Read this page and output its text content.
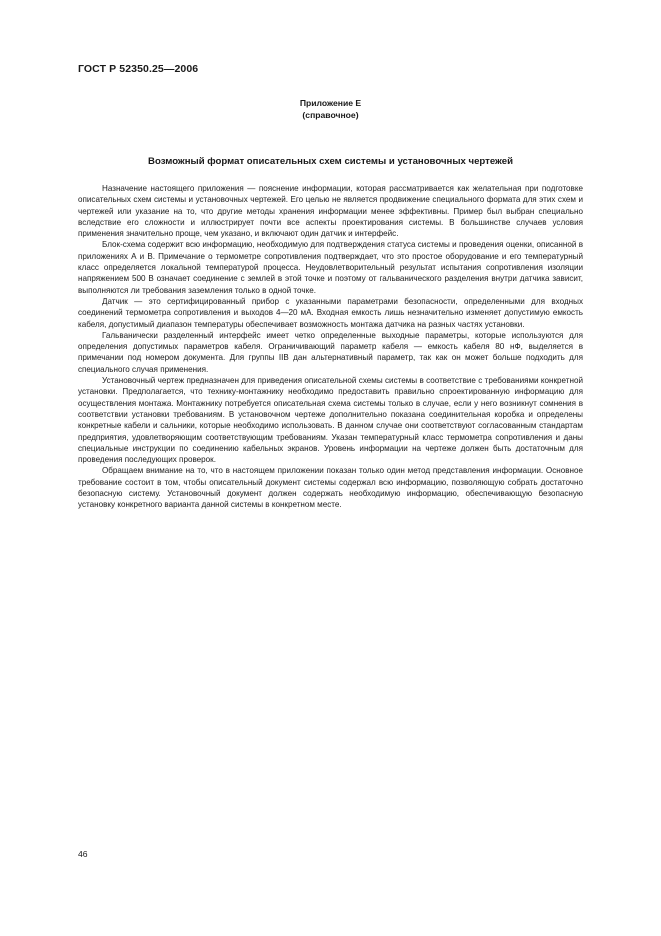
ГОСТ Р 52350.25—2006
Приложение Е
(справочное)
Возможный формат описательных схем системы и установочных чертежей

Назначение настоящего приложения — пояснение информации, которая рассматривается как желательная при подготовке описательных схем системы и установочных чертежей. Его целью не является продвижение специального формата для этих схем и чертежей или указание на то, что другие методы хранения информации менее эффективны. Пример был выбран специально вследствие его сложности и иллюстрирует почти все аспекты проектирования системы. В большинстве случаев условия применения значительно проще, чем указано, и включают один датчик и интерфейс.

Блок-схема содержит всю информацию, необходимую для подтверждения статуса системы и проведения оценки, описанной в приложениях А и В. Примечание о термометре сопротивления подтверждает, что это простое оборудование и его температурный класс определяется локальной температурой процесса. Неудовлетворительный результат испытания сопротивления изоляции напряжением 500 В означает соединение с землей в этой точке и поэтому от гальванического разделения внутри датчика зависит, выполняются ли требования заземления только в одной точке.

Датчик — это сертифицированный прибор с указанными параметрами безопасности, определенными для входных соединений термометра сопротивления и выходов 4—20 мА. Входная емкость лишь незначительно изменяет допустимую емкость кабеля, допустимый диапазон температуры обеспечивает возможность монтажа датчика на разных частях установки.

Гальванически разделенный интерфейс имеет четко определенные выходные параметры, которые используются для определения допустимых параметров кабеля. Ограничивающий параметр кабеля — емкость кабеля 80 нФ, выделяется в примечании под номером документа. Для группы IIB дан альтернативный параметр, так как он может больше подходить для специального случая применения.

Установочный чертеж предназначен для приведения описательной схемы системы в соответствие с требованиями конкретной установки. Предполагается, что технику-монтажнику необходимо предоставить правильно спроектированную информацию для осуществления монтажа. Монтажнику потребуется описательная схема системы только в случае, если у него возникнут сомнения в соответствии установки требованиям. В установочном чертеже дополнительно показана соединительная коробка и определены конкретные кабели и сальники, которые необходимо использовать. В данном случае они соответствуют согласованным стандартам предприятия, удовлетворяющим соответствующим требованиям. Указан температурный класс термометра сопротивления и даны специальные инструкции по соединению кабельных экранов. Уровень информации на чертеже должен быть достаточным для проведения последующих проверок.

Обращаем внимание на то, что в настоящем приложении показан только один метод представления информации. Основное требование состоит в том, чтобы описательный документ системы содержал всю информацию, позволяющую собрать достаточно безопасную систему. Установочный документ должен содержать необходимую информацию, обеспечивающую безопасную установку конкретного варианта данной системы в конкретном месте.

46
